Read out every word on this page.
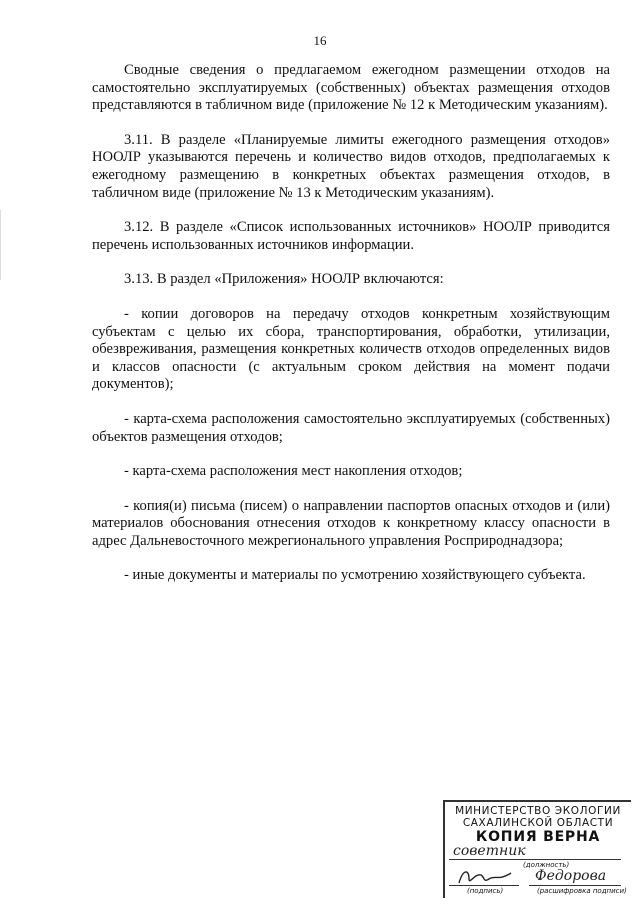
16

Сводные сведения о предлагаемом ежегодном размещении отходов на самостоятельно эксплуатируемых (собственных) объектах размещения отходов представляются в табличном виде (приложение № 12 к Методическим указаниям).

3.11. В разделе «Планируемые лимиты ежегодного размещения отходов» НООЛР указываются перечень и количество видов отходов, предполагаемых к ежегодному размещению в конкретных объектах размещения отходов, в табличном виде (приложение № 13 к Методическим указаниям).

3.12. В разделе «Список использованных источников» НООЛР приводится перечень использованных источников информации.

3.13. В раздел «Приложения» НООЛР включаются:

- копии договоров на передачу отходов конкретным хозяйствующим субъектам с целью их сбора, транспортирования, обработки, утилизации, обезвреживания, размещения конкретных количеств отходов определенных видов и классов опасности (с актуальным сроком действия на момент подачи документов);

- карта-схема расположения самостоятельно эксплуатируемых (собственных) объектов размещения отходов;

- карта-схема расположения мест накопления отходов;

- копия(и) письма (писем) о направлении паспортов опасных отходов и (или) материалов обоснования отнесения отходов к конкретному классу опасности в адрес Дальневосточного межрегионального управления Росприроднадзора;

- иные документы и материалы по усмотрению хозяйствующего субъекта.

МИНИСТЕРСТВО ЭКОЛОГИИ
САХАЛИНСКОЙ ОБЛАСТИ
КОПИЯ ВЕРНА
советник
(должность)
Федорова
(подпись)	(расшифровка подписи)
